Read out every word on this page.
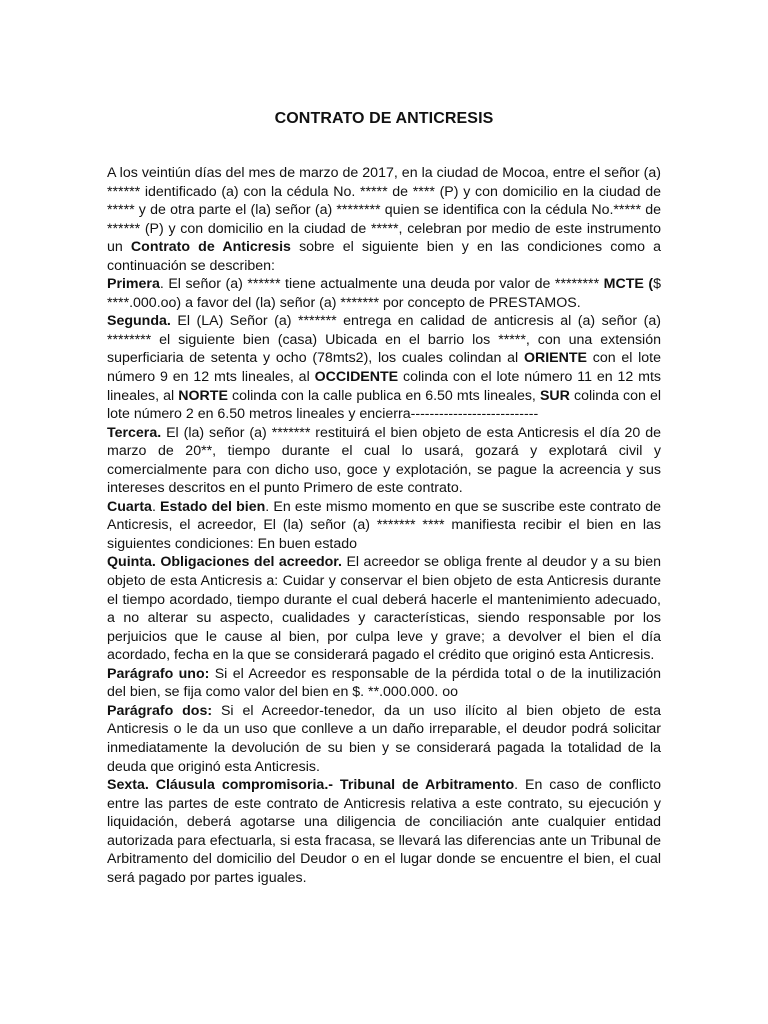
CONTRATO DE ANTICRESIS

A los veintiún días del mes de marzo de 2017, en la ciudad de Mocoa, entre el señor (a) ****** identificado (a) con la cédula No. ***** de **** (P) y con domicilio en la ciudad de ***** y de otra parte el (la) señor (a) ******** quien se identifica con la cédula No.***** de ****** (P) y con domicilio en la ciudad de *****, celebran por medio de este instrumento un Contrato de Anticresis sobre el siguiente bien y en las condiciones como a continuación se describen:

Primera. El señor (a) ****** tiene actualmente una deuda por valor de ******** MCTE ($ ****.000.oo) a favor del (la) señor (a) ******* por concepto de PRESTAMOS.

Segunda. El (LA) Señor (a) ******* entrega en calidad de anticresis al (a) señor (a) ******** el siguiente bien (casa) Ubicada en el barrio los *****, con una extensión superficiaria de setenta y ocho (78mts2), los cuales colindan al ORIENTE con el lote número 9 en 12 mts lineales, al OCCIDENTE colinda con el lote número 11 en 12 mts lineales, al NORTE colinda con la calle publica en 6.50 mts lineales, SUR colinda con el lote número 2 en 6.50 metros lineales y encierra---------------------------

Tercera. El (la) señor (a) ******* restituirá el bien objeto de esta Anticresis el día 20 de marzo de 20**, tiempo durante el cual lo usará, gozará y explotará civil y comercialmente para con dicho uso, goce y explotación, se pague la acreencia y sus intereses descritos en el punto Primero de este contrato.

Cuarta. Estado del bien. En este mismo momento en que se suscribe este contrato de Anticresis, el acreedor, El (la) señor (a) ******* **** manifiesta recibir el bien en las siguientes condiciones: En buen estado

Quinta. Obligaciones del acreedor. El acreedor se obliga frente al deudor y a su bien objeto de esta Anticresis a: Cuidar y conservar el bien objeto de esta Anticresis durante el tiempo acordado, tiempo durante el cual deberá hacerle el mantenimiento adecuado, a no alterar su aspecto, cualidades y características, siendo responsable por los perjuicios que le cause al bien, por culpa leve y grave; a devolver el bien el día acordado, fecha en la que se considerará pagado el crédito que originó esta Anticresis.

Parágrafo uno: Si el Acreedor es responsable de la pérdida total o de la inutilización del bien, se fija como valor del bien en $. **.000.000. oo

Parágrafo dos: Si el Acreedor-tenedor, da un uso ilícito al bien objeto de esta Anticresis o le da un uso que conlleve a un daño irreparable, el deudor podrá solicitar inmediatamente la devolución de su bien y se considerará pagada la totalidad de la deuda que originó esta Anticresis.

Sexta. Cláusula compromisoria.- Tribunal de Arbitramento. En caso de conflicto entre las partes de este contrato de Anticresis relativa a este contrato, su ejecución y liquidación, deberá agotarse una diligencia de conciliación ante cualquier entidad autorizada para efectuarla, si esta fracasa, se llevará las diferencias ante un Tribunal de Arbitramento del domicilio del Deudor o en el lugar donde se encuentre el bien, el cual será pagado por partes iguales.
